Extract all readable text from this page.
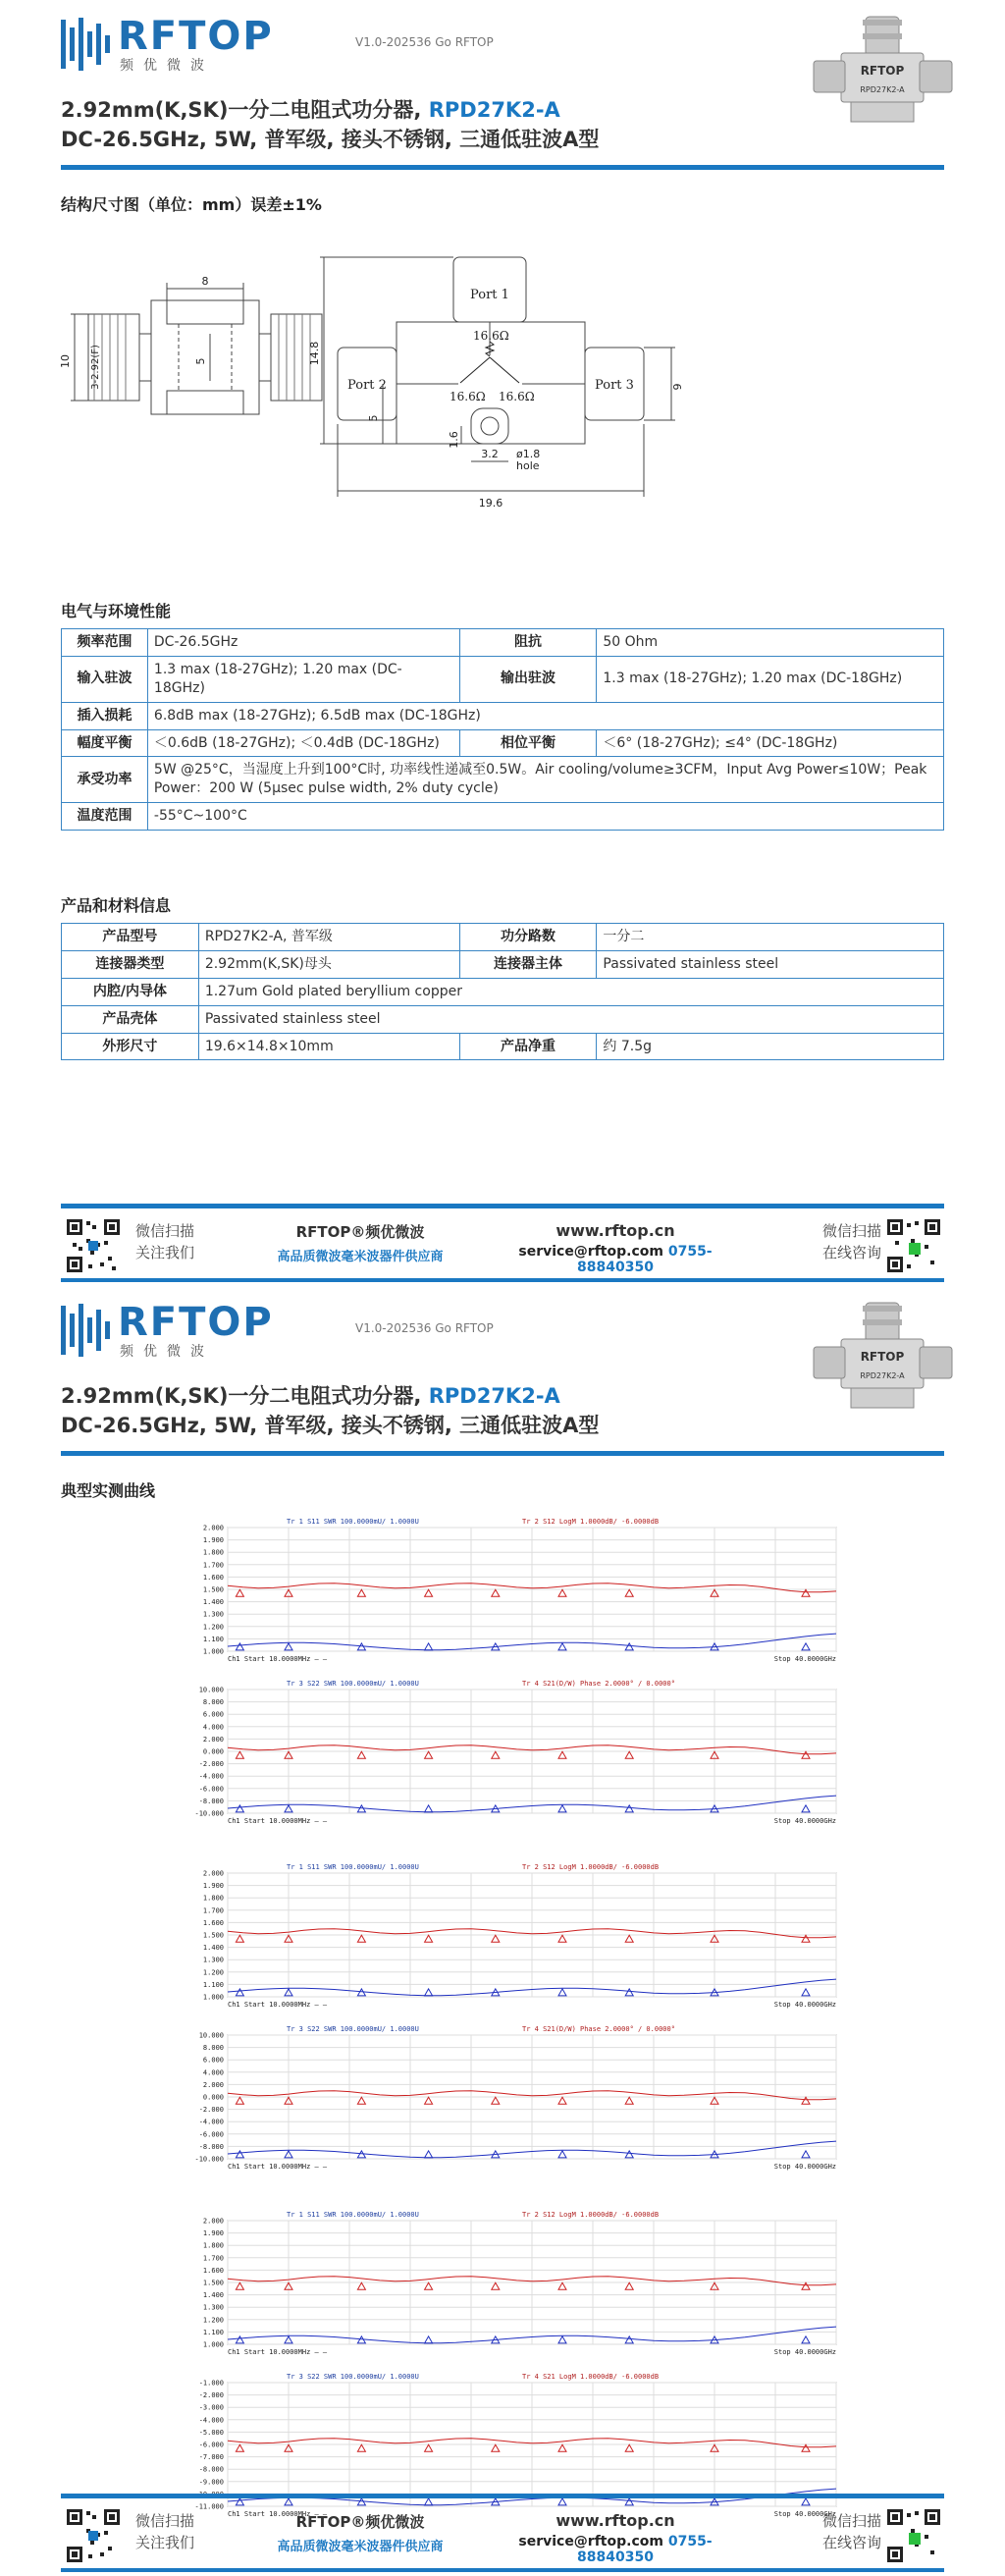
RFTOP
频优微波
V1.0-202536 Go RFTOP
RFTOP
RPD27K2-A
2.92mm(K,SK)一分二电阻式功分器, RPD27K2-A
DC-26.5GHz, 5W, 普军级, 接头不锈钢, 三通低驻波A型
结构尺寸图（单位：mm）误差±1%
8
10 3-2.92(F)	5
Port 1
Port 2	Port 3
16.6Ω
16.6Ω 16.6Ω
ø1.8
hole
14.8
5
9
1.6
3.2
19.6
电气与环境性能
频率范围	DC-26.5GHz	阻抗	50 Ohm
输入驻波	1.3 max (18-27GHz); 1.20 max (DC-18GHz)	输出驻波	1.3 max (18-27GHz); 1.20 max (DC-18GHz)
插入损耗	6.8dB max (18-27GHz); 6.5dB max (DC-18GHz)		
幅度平衡	＜0.6dB (18-27GHz); ＜0.4dB (DC-18GHz)	相位平衡	＜6° (18-27GHz); ≤4° (DC-18GHz)
承受功率	5W @25°C，当湿度上升到100°C时, 功率线性递减至0.5W。Air cooling/volume≥3CFM，Input Avg Power≤10W；Peak Power：200 W (5μsec pulse width, 2% duty cycle)		
温度范围	-55°C~100°C		
产品和材料信息
产品型号	RPD27K2-A, 普军级	功分路数	一分二
连接器类型	2.92mm(K,SK)母头	连接器主体	Passivated stainless steel
内腔/内导体	1.27um Gold plated beryllium copper		
产品壳体	Passivated stainless steel		
外形尺寸	19.6×14.8×10mm	产品净重	约 7.5g
微信扫描
关注我们
RFTOP®频优微波
高品质微波毫米波器件供应商
www.rftop.cn
service@rftop.com 0755-88840350
微信扫描
在线咨询
RFTOP
频优微波
V1.0-202536 Go RFTOP
RFTOP
RPD27K2-A
2.92mm(K,SK)一分二电阻式功分器, RPD27K2-A
DC-26.5GHz, 5W, 普军级, 接头不锈钢, 三通低驻波A型
典型实测曲线
Tr 1 S11 SWR 100.0000mU/ 1.0000U	Tr 2 S12 LogM 1.0000dB/ -6.0000dB
2.000
1.900
1.800
1.700
1.600
1.500
1.400
1.300
1.200
1.100
1.000
Ch1 Start 10.0000MHz — —	Stop 40.0000GHz
Tr 3 S22 SWR 100.0000mU/ 1.0000U	Tr 4 S21(D/W) Phase 2.0000° / 0.0000°
10.000
8.000
6.000
4.000
2.000
0.000
-2.000
-4.000
-6.000
-8.000
-10.000
Ch1 Start 10.0000MHz — —	Stop 40.0000GHz
Tr 1 S11 SWR 100.0000mU/ 1.0000U	Tr 2 S12 LogM 1.0000dB/ -6.0000dB
2.000
1.900
1.800
1.700
1.600
1.500
1.400
1.300
1.200
1.100
1.000
Ch1 Start 10.0000MHz — —	Stop 40.0000GHz
Tr 3 S22 SWR 100.0000mU/ 1.0000U	Tr 4 S21(D/W) Phase 2.0000° / 0.0000°
10.000
8.000
6.000
4.000
2.000
0.000
-2.000
-4.000
-6.000
-8.000
-10.000
Ch1 Start 10.0000MHz — —	Stop 40.0000GHz
Tr 1 S11 SWR 100.0000mU/ 1.0000U	Tr 2 S12 LogM 1.0000dB/ -6.0000dB
2.000
1.900
1.800
1.700
1.600
1.500
1.400
1.300
1.200
1.100
1.000
Ch1 Start 10.0000MHz — —	Stop 40.0000GHz
Tr 3 S22 SWR 100.0000mU/ 1.0000U	Tr 4 S21 LogM 1.0000dB/ -6.0000dB
-1.000
-2.000
-3.000
-4.000
-5.000
-6.000
-7.000
-8.000
-9.000
-11.000
Ch1 Start 10.0000MHz — —	Stop 40.0000GHz
微信扫描
关注我们
RFTOP®频优微波
高品质微波毫米波器件供应商
www.rftop.cn
service@rftop.com 0755-88840350
微信扫描
在线咨询
